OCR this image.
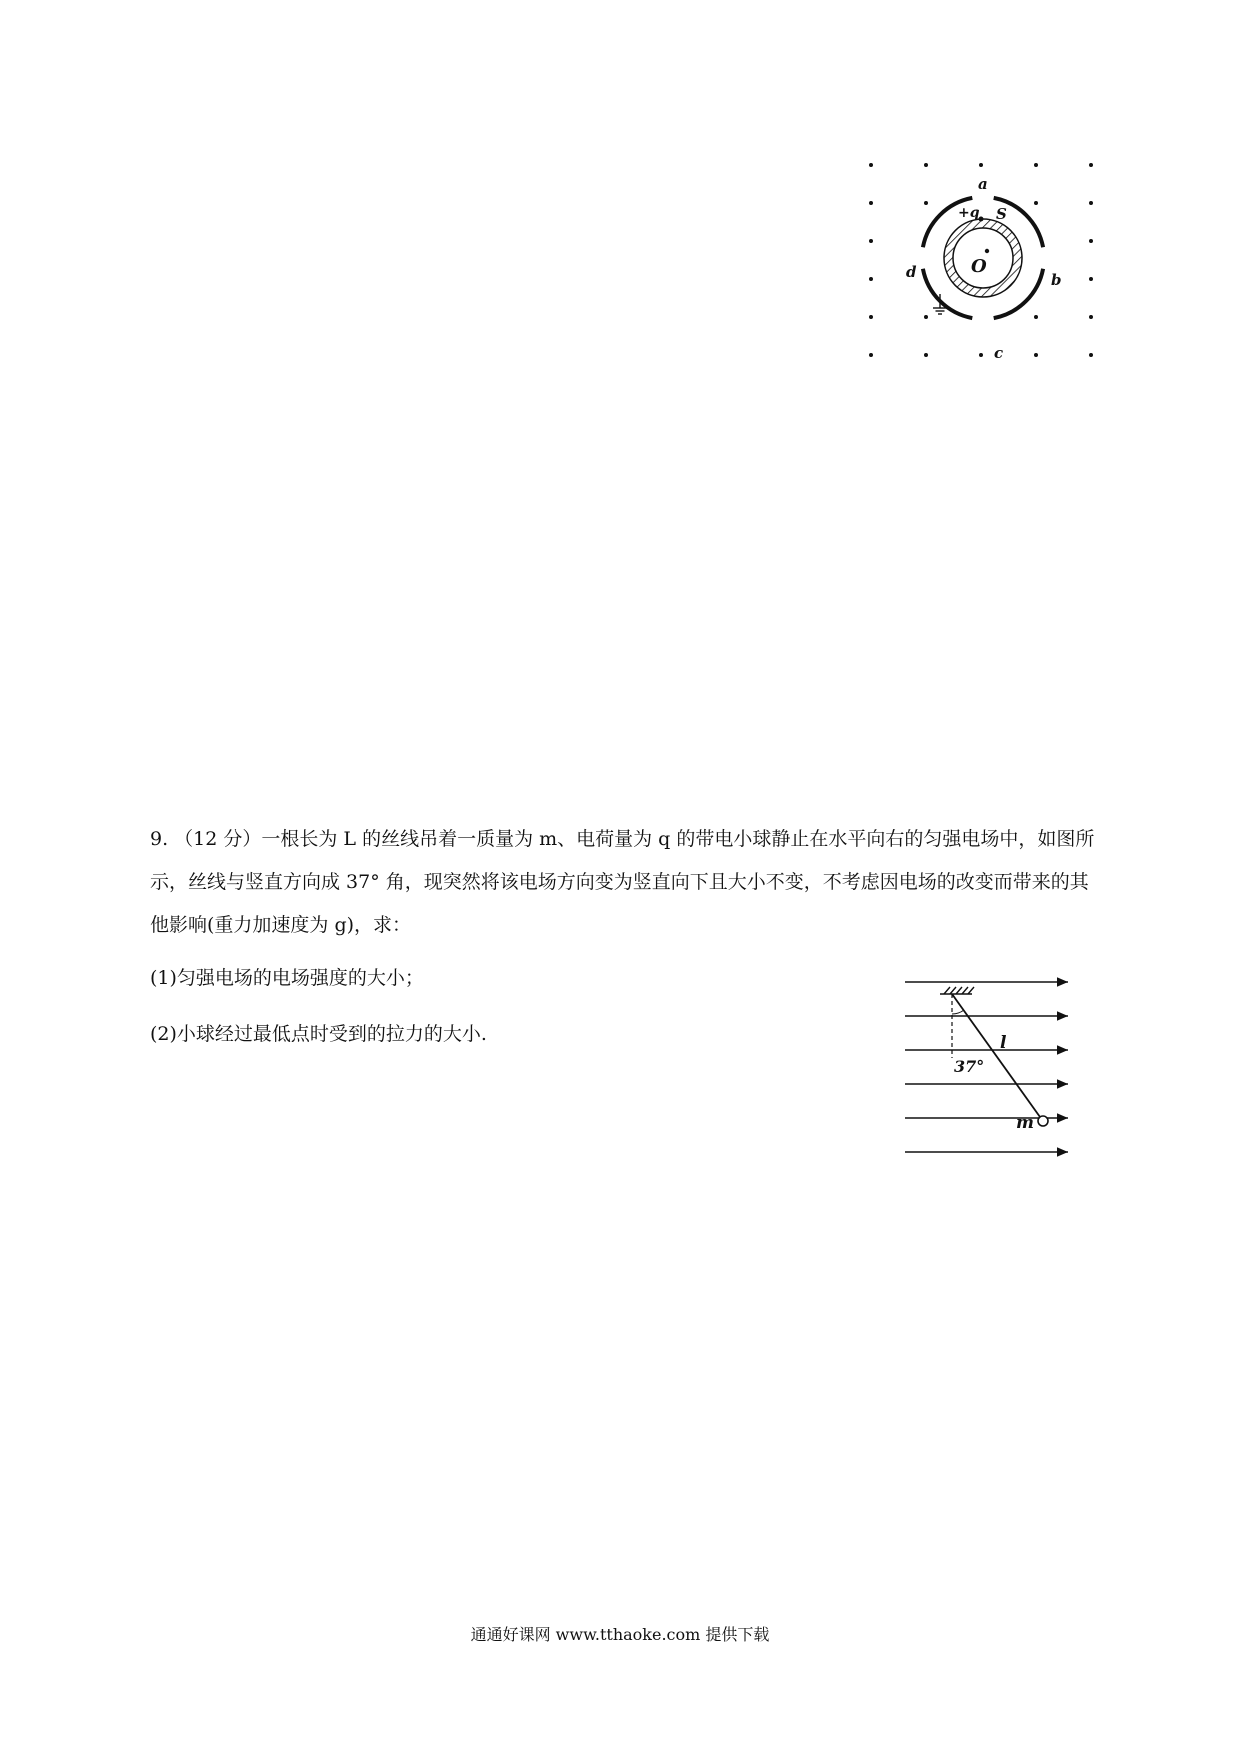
a
+q S
O
d	b
c
9. （12 分）一根长为 L 的丝线吊着一质量为 m、电荷量为 q 的带电小球静止在水平向右的匀强电场中，如图所示，丝线与竖直方向成 37° 角，现突然将该电场方向变为竖直向下且大小不变，不考虑因电场的改变而带来的其他影响(重力加速度为 g)，求：
(1)匀强电场的电场强度的大小；
(2)小球经过最低点时受到的拉力的大小.	l
37°
m
通通好课网 www.tthaoke.com 提供下载
